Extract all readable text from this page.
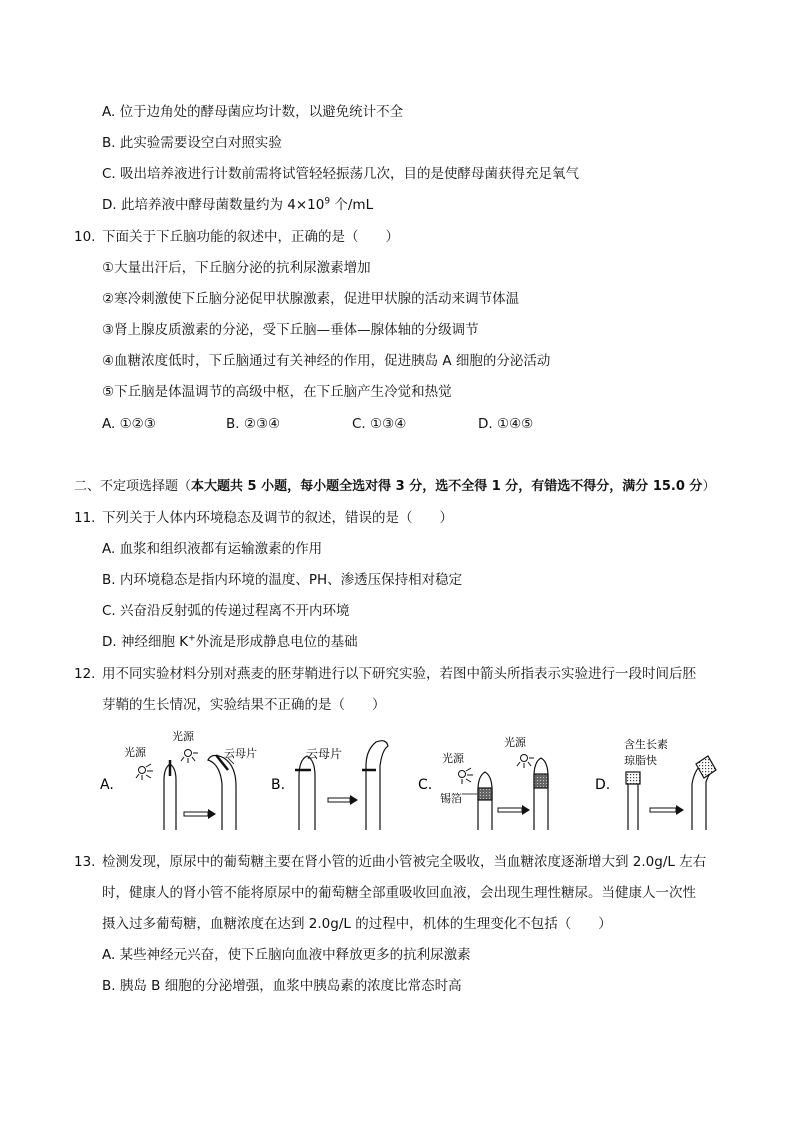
A. 位于边角处的酵母菌应均计数，以避免统计不全
B. 此实验需要设空白对照实验
C. 吸出培养液进行计数前需将试管轻轻振荡几次，目的是使酵母菌获得充足氧气
D. 此培养液中酵母菌数量约为 $4\times 10^9$ 个/mL
10. 下面关于下丘脑功能的叙述中，正确的是（　　）
①大量出汗后，下丘脑分泌的抗利尿激素增加
②寒冷刺激使下丘脑分泌促甲状腺激素，促进甲状腺的活动来调节体温
③肾上腺皮质激素的分泌，受下丘脑—垂体—腺体轴的分级调节
④血糖浓度低时，下丘脑通过有关神经的作用，促进胰岛 A 细胞的分泌活动
⑤下丘脑是体温调节的高级中枢，在下丘脑产生冷觉和热觉
A. ①②③	B. ②③④	C. ①③④	D. ①④⑤
二、不定项选择题（本大题共 5 小题，每小题全选对得 3 分，选不全得 1 分，有错选不得分，满分 15.0 分）
11. 下列关于人体内环境稳态及调节的叙述，错误的是（　　）
A. 血浆和组织液都有运输激素的作用
B. 内环境稳态是指内环境的温度、PH、渗透压保持相对稳定
C. 兴奋沿反射弧的传递过程离不开内环境
D. 神经细胞 K+外流是形成静息电位的基础
12. 用不同实验材料分别对燕麦的胚芽鞘进行以下研究实验，若图中箭头所指表示实验进行一段时间后胚
芽鞘的生长情况，实验结果不正确的是（　　）
A.
光源
光源
云母片
B.
云母片
C.
光源
锡箔
光源
D.
含生长素
琼脂快
13. 检测发现，原尿中的葡萄糖主要在肾小管的近曲小管被完全吸收，当血糖浓度逐渐增大到 2.0g/L 左右
时，健康人的肾小管不能将原尿中的葡萄糖全部重吸收回血液，会出现生理性糖尿。当健康人一次性
摄入过多葡萄糖，血糖浓度在达到 2.0g/L 的过程中，机体的生理变化不包括（　　）
A. 某些神经元兴奋，使下丘脑向血液中释放更多的抗利尿激素
B. 胰岛 B 细胞的分泌增强，血浆中胰岛素的浓度比常态时高
